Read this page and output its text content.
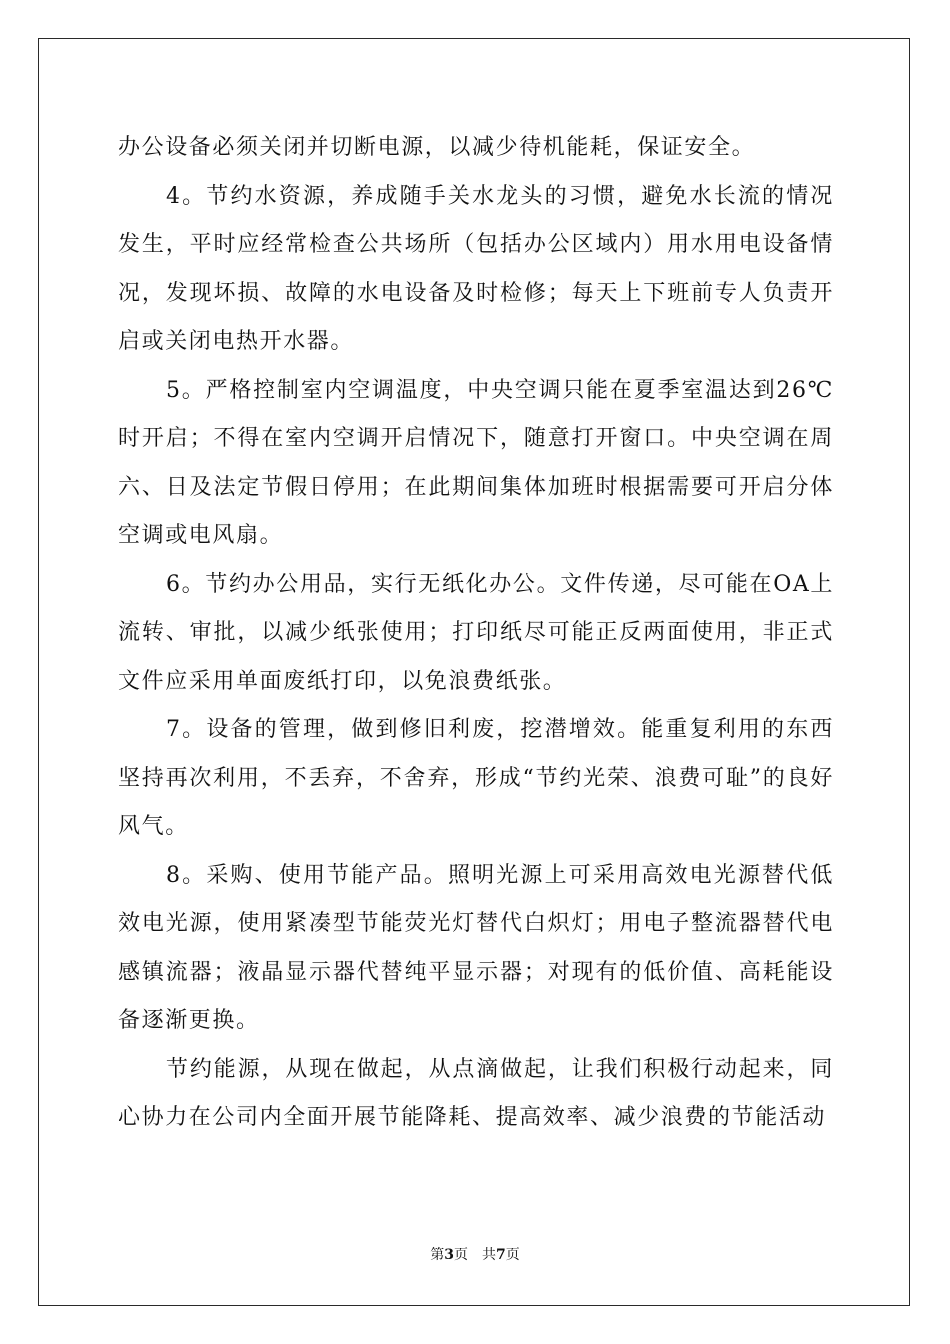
办公设备必须关闭并切断电源，以减少待机能耗，保证安全。

4。节约水资源，养成随手关水龙头的习惯，避免水长流的情况发生，平时应经常检查公共场所（包括办公区域内）用水用电设备情况，发现坏损、故障的水电设备及时检修；每天上下班前专人负责开启或关闭电热开水器。

5。严格控制室内空调温度，中央空调只能在夏季室温达到26℃时开启；不得在室内空调开启情况下，随意打开窗口。中央空调在周六、日及法定节假日停用；在此期间集体加班时根据需要可开启分体空调或电风扇。

6。节约办公用品，实行无纸化办公。文件传递，尽可能在OA上流转、审批，以减少纸张使用；打印纸尽可能正反两面使用，非正式文件应采用单面废纸打印，以免浪费纸张。

7。设备的管理，做到修旧利废，挖潜增效。能重复利用的东西坚持再次利用，不丢弃，不舍弃，形成“节约光荣、浪费可耻”的良好风气。

8。采购、使用节能产品。照明光源上可采用高效电光源替代低效电光源，使用紧凑型节能荧光灯替代白炽灯；用电子整流器替代电感镇流器；液晶显示器代替纯平显示器；对现有的低价值、高耗能设备逐渐更换。

节约能源，从现在做起，从点滴做起，让我们积极行动起来，同心协力在公司内全面开展节能降耗、提高效率、减少浪费的节能活动

第3页 共7页
